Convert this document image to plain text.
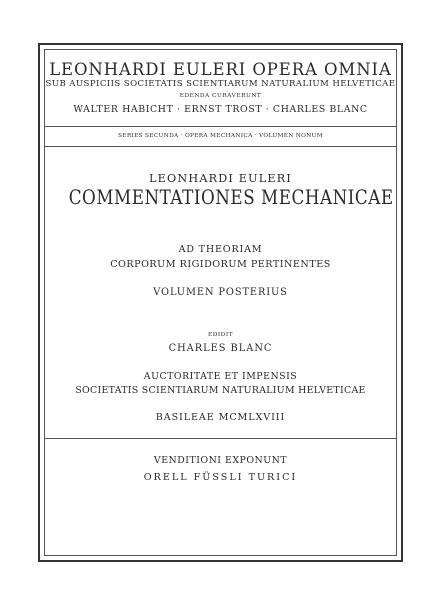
LEONHARDI EULERI OPERA OMNIA
SUB AUSPICIIS SOCIETATIS SCIENTIARUM NATURALIUM HELVETICAE
EDENDA CURAVERUNT
WALTER HABICHT · ERNST TROST · CHARLES BLANC
SERIES SECUNDA · OPERA MECHANICA · VOLUMEN NONUM
LEONHARDI EULERI
COMMENTATIONES MECHANICAE
AD THEORIAM
CORPORUM RIGIDORUM PERTINENTES
VOLUMEN POSTERIUS
EDIDIT
CHARLES BLANC
AUCTORITATE ET IMPENSIS
SOCIETATIS SCIENTIARUM NATURALIUM HELVETICAE
BASILEAE MCMLXVIII
VENDITIONI EXPONUNT
ORELL FÜSSLI TURICI
